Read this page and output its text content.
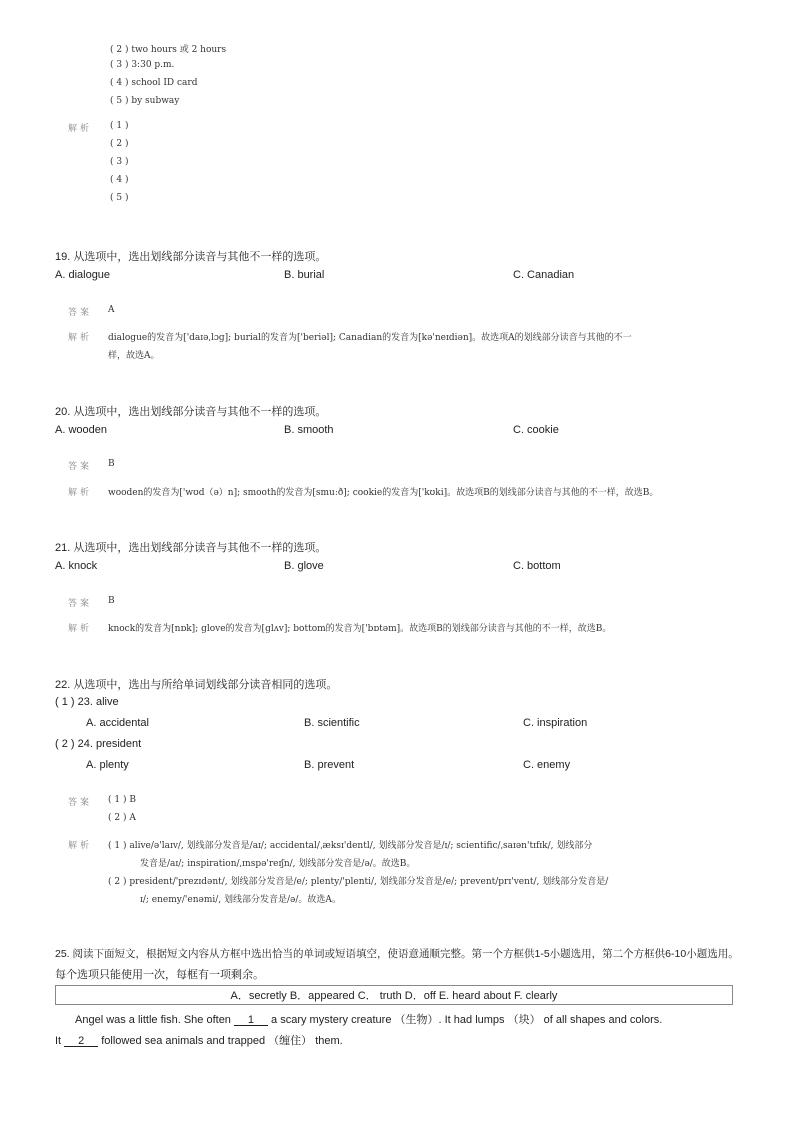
( 2 ) two hours 或 2 hours
( 3 ) 3:30 p.m.
( 4 ) school ID card
( 5 ) by subway
解析 ( 1 )
( 2 )
( 3 )
( 4 )
( 5 )
19. 从选项中，选出划线部分读音与其他不一样的选项。
A. dialogue	B. burial	C. Canadian
答案 A
解析 dialogue的发音为['daɪəˌlɔg]; burial的发音为['beriəl]; Canadian的发音为[kə'neɪdiən]。故选项A的划线部分读音与其他的不一
样，故选A。
20. 从选项中，选出划线部分读音与其他不一样的选项。
A. wooden	B. smooth	C. cookie
答案 B
解析 wooden的发音为['wʊd（ə）n]; smooth的发音为[smuːð]; cookie的发音为['kʊki]。故选项B的划线部分读音与其他的不一样，故选B。
21. 从选项中，选出划线部分读音与其他不一样的选项。
A. knock	B. glove	C. bottom
答案 B
解析 knock的发音为[nɒk]; glove的发音为[glʌv]; bottom的发音为['bɒtəm]。故选项B的划线部分读音与其他的不一样，故选B。
22. 从选项中，选出与所给单词划线部分读音相同的选项。
( 1 ) 23. alive
A. accidental	B. scientific	C. inspiration
( 2 ) 24. president
A. plenty	B. prevent	C. enemy
答案 ( 1 ) B
( 2 ) A
解析 ( 1 ) alive/ə'laɪv/, 划线部分发音是/aɪ/; accidental/ˌæksɪ'dentl/, 划线部分发音是/ɪ/; scientific/ˌsaɪən'tɪfɪk/, 划线部分
发音是/aɪ/; inspiration/ˌɪnspə'reɪʃn/, 划线部分发音是/ə/。故选B。
( 2 ) president/'prezɪdənt/, 划线部分发音是/e/; plenty/'plenti/, 划线部分发音是/e/; prevent/prɪ'vent/, 划线部分发音是/
ɪ/; enemy/'enəmi/, 划线部分发音是/ə/。故选A。
25. 阅读下面短文，根据短文内容从方框中选出恰当的单词或短语填空，使语意通顺完整。第一个方框供1-5小题选用，第二个方框供6-10小题选用。
每个选项只能使用一次，每框有一项剩余。
A．secretly B．appeared C． truth D．off E. heard about F. clearly
Angel was a little fish. She often 1 a scary mystery creature （生物）. It had lumps （块） of all shapes and colors.
It 2 followed sea animals and trapped （缠住） them.
